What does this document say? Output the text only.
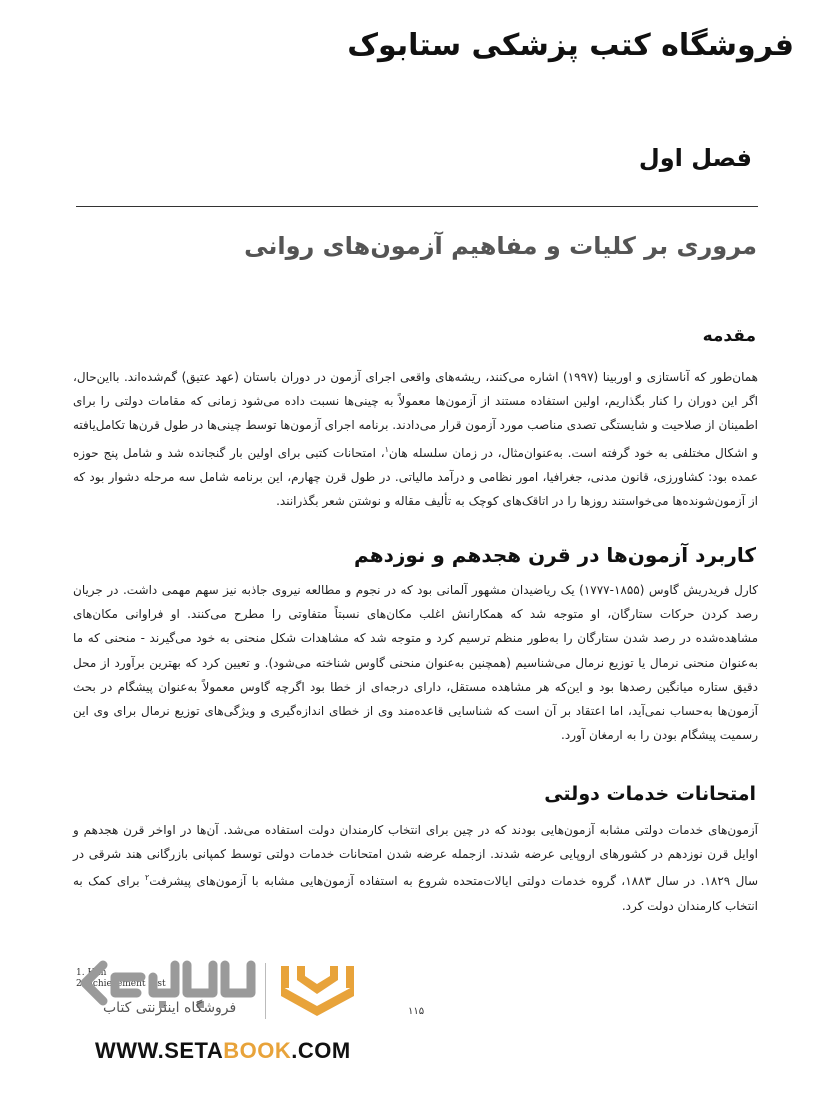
فروشگاه کتب پزشکی ستابوک
فصل اول
مروری بر کلیات و مفاهیم آزمون‌های روانی
مقدمه
همان‌طور که آناستازی و اوربینا (۱۹۹۷) اشاره می‌کنند، ریشه‌های واقعی اجرای آزمون در دوران باستان (عهد عتیق) گم‌شده‌اند. بااین‌حال، اگر این دوران را کنار بگذاریم، اولین استفاده مستند از آزمون‌ها معمولاً به چینی‌ها نسبت داده می‌شود زمانی که مقامات دولتی را برای اطمینان از صلاحیت و شایستگی تصدی مناصب مورد آزمون قرار می‌دادند. برنامه اجرای آزمون‌ها توسط چینی‌ها در طول قرن‌ها تکامل‌یافته و اشکال مختلفی به خود گرفته است. به‌عنوان‌مثال، در زمان سلسله هان$^۱$، امتحانات کتبی برای اولین بار گنجانده شد و شامل پنج حوزه عمده بود: کشاورزی، قانون مدنی، جغرافیا، امور نظامی و درآمد مالیاتی. در طول قرن چهارم، این برنامه شامل سه مرحله دشوار بود که از آزمون‌شونده‌ها می‌خواستند روزها را در اتاقک‌های کوچک به تألیف مقاله و نوشتن شعر بگذرانند.
کاربرد آزمون‌ها در قرن هجدهم و نوزدهم
کارل فریدریش گاوس (۱۸۵۵-۱۷۷۷) یک ریاضیدان مشهور آلمانی بود که در نجوم و مطالعه نیروی جاذبه نیز سهم مهمی داشت. در جریان رصد کردن حرکات ستارگان، او متوجه شد که همکارانش اغلب مکان‌های نسبتاً متفاوتی را مطرح می‌کنند. او فراوانی مکان‌های مشاهده‌شده در رصد شدن ستارگان را به‌طور منظم ترسیم کرد و متوجه شد که مشاهدات شکل منحنی به خود می‌گیرند - منحنی که ما به‌عنوان منحنی نرمال یا توزیع نرمال می‌شناسیم (همچنین به‌عنوان منحنی گاوس شناخته می‌شود). و تعیین کرد که بهترین برآورد از محل دقیق ستاره میانگین رصدها بود و این‌که هر مشاهده مستقل، دارای درجه‌ای از خطا بود اگرچه گاوس معمولاً به‌عنوان پیشگام در بحث آزمون‌ها به‌حساب نمی‌آید، اما اعتقاد بر آن است که شناسایی قاعده‌مند وی از خطای اندازه‌گیری و ویژگی‌های توزیع نرمال برای وی این رسمیت پیشگام بودن را به ارمغان آورد.
امتحانات خدمات دولتی
آزمون‌های خدمات دولتی مشابه آزمون‌هایی بودند که در چین برای انتخاب کارمندان دولت استفاده می‌شد. آن‌ها در اواخر قرن هجدهم و اوایل قرن نوزدهم در کشورهای اروپایی عرضه شدند. ازجمله عرضه شدن امتحانات خدمات دولتی توسط کمپانی بازرگانی هند شرقی در سال ۱۸۲۹. در سال ۱۸۸۳، گروه خدمات دولتی ایالات‌متحده شروع به استفاده آزمون‌هایی مشابه با آزمون‌های پیشرفت$^۲$ برای کمک به انتخاب کارمندان دولت کرد.
1. Han
2. achievement test
فروشگاه اینترنتی کتاب	۱۱۵
WWW.SETABOOK.COM
